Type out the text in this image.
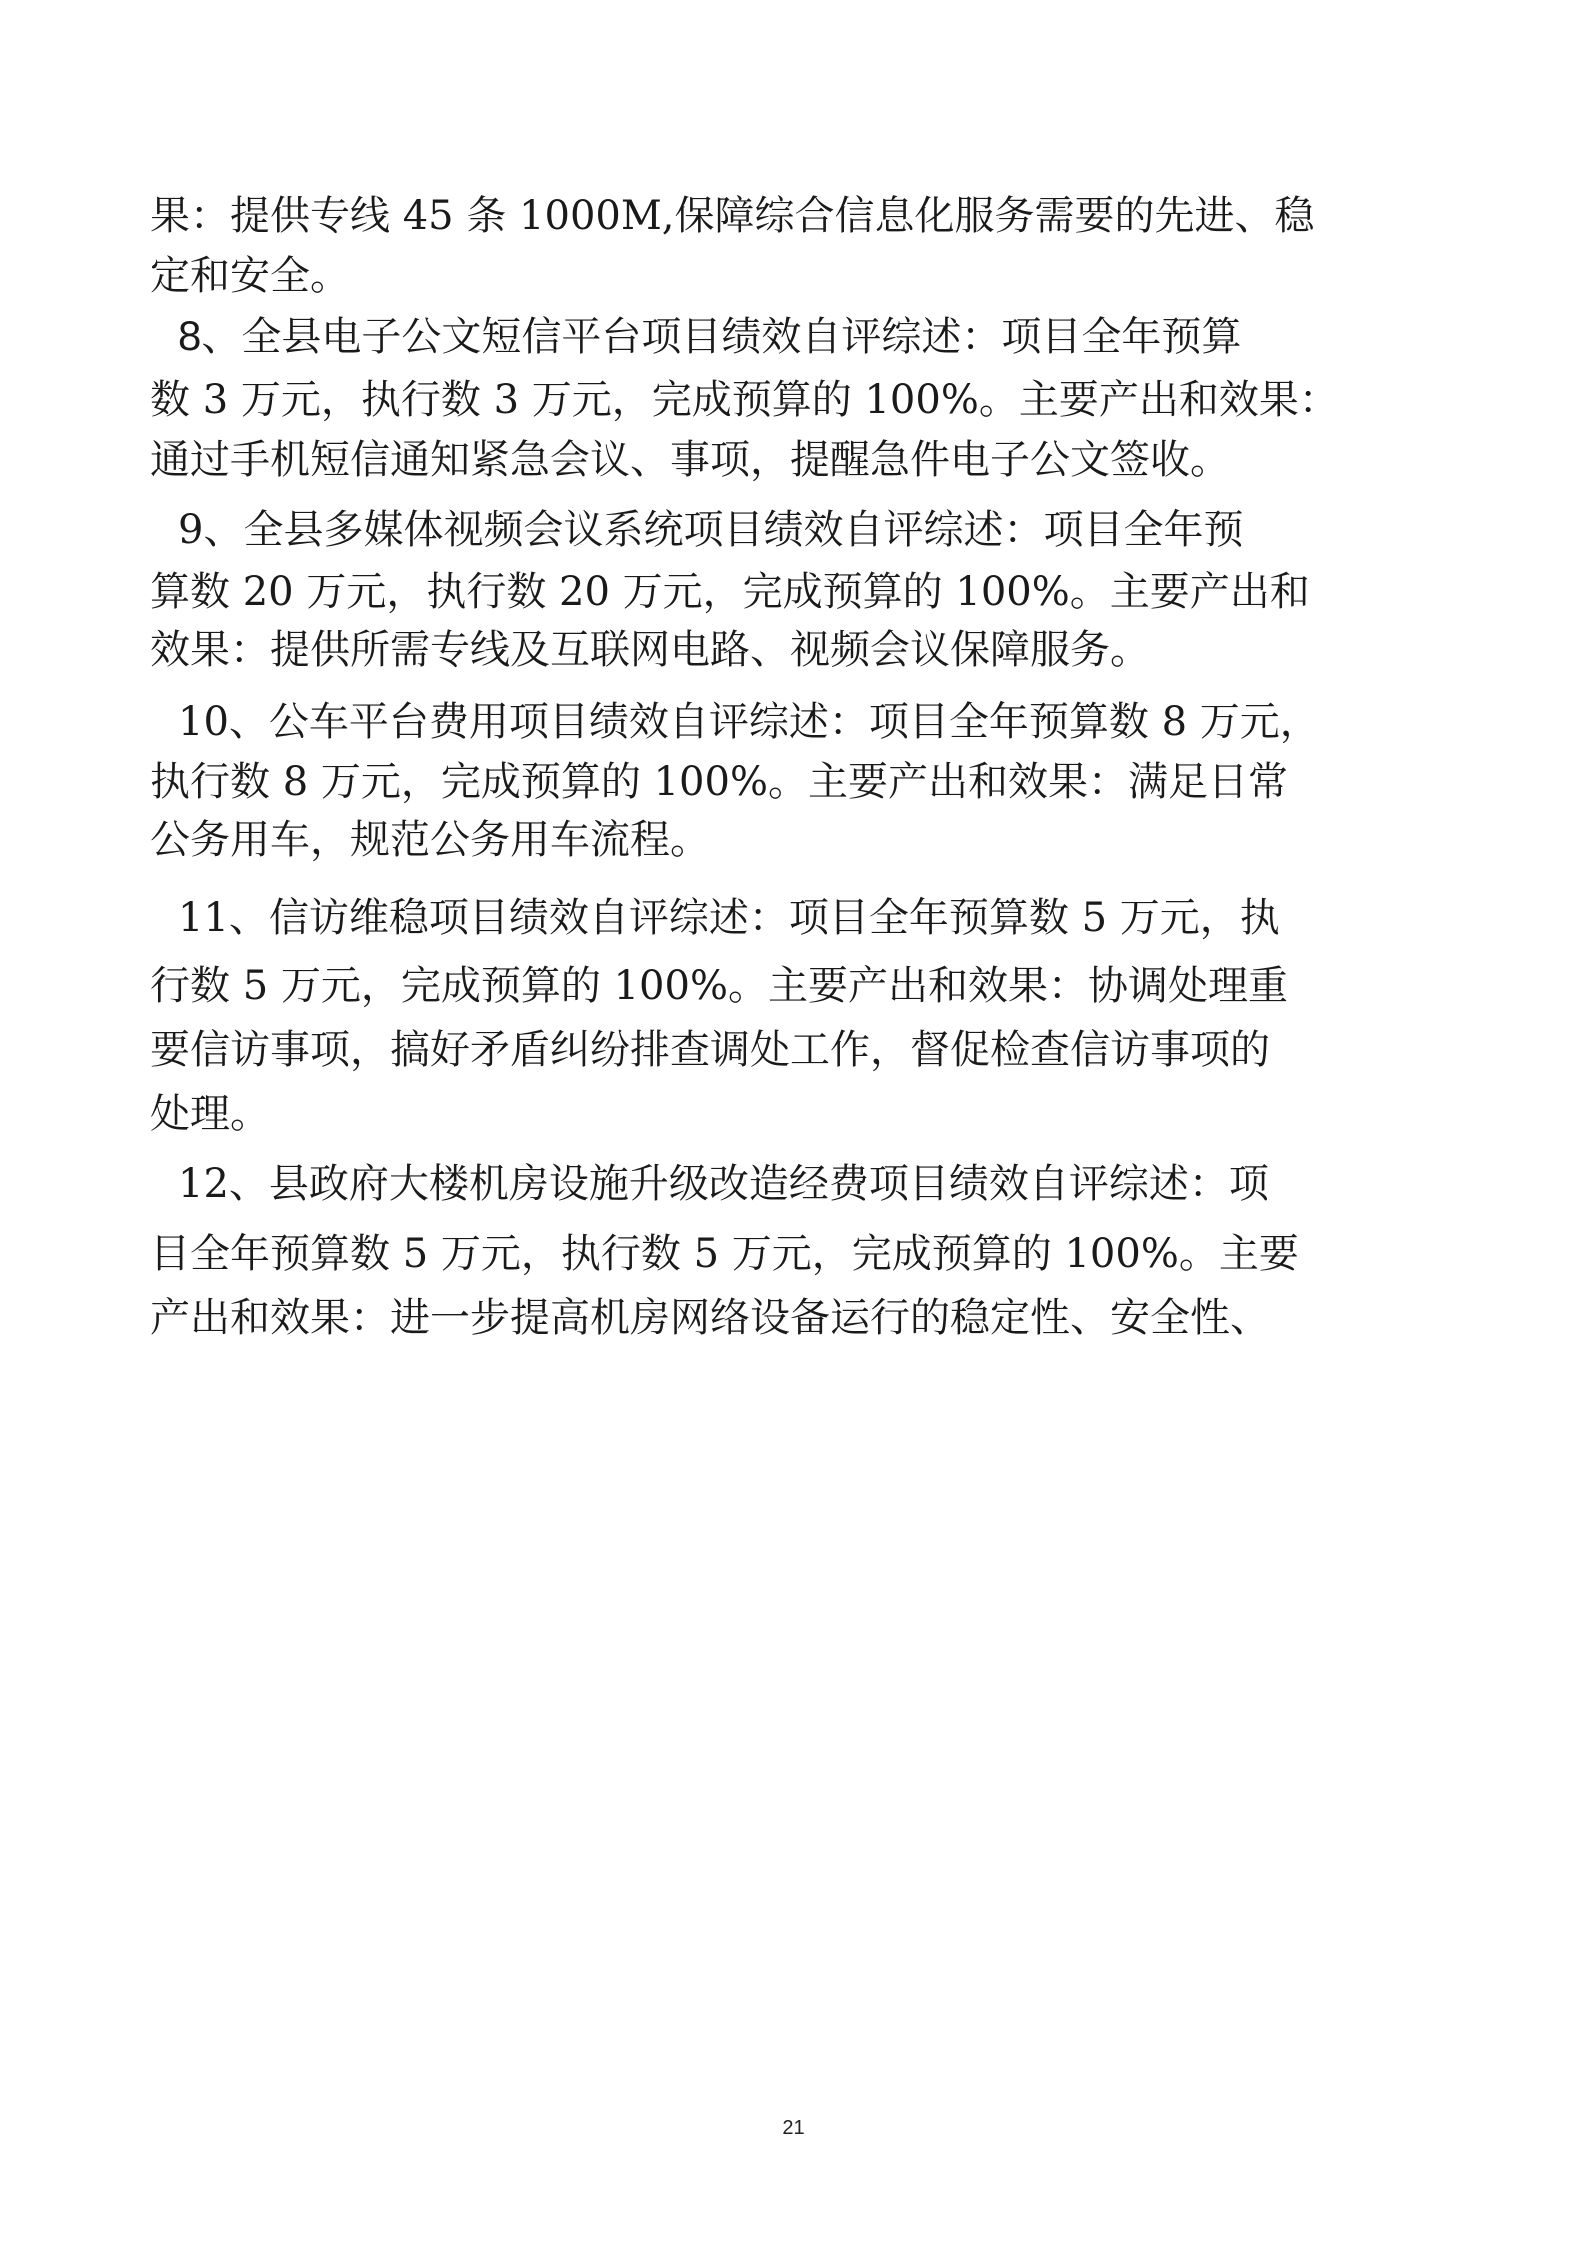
果：提供专线 45 条 1000M,保障综合信息化服务需要的先进、稳

定和安全。

8、全县电子公文短信平台项目绩效自评综述：项目全年预算

数 3 万元，执行数 3 万元，完成预算的 100%。主要产出和效果：

通过手机短信通知紧急会议、事项，提醒急件电子公文签收。

9、全县多媒体视频会议系统项目绩效自评综述：项目全年预

算数 20 万元，执行数 20 万元，完成预算的 100%。主要产出和

效果：提供所需专线及互联网电路、视频会议保障服务。

10、公车平台费用项目绩效自评综述：项目全年预算数 8 万元，

执行数 8 万元，完成预算的 100%。主要产出和效果：满足日常

公务用车，规范公务用车流程。

11、信访维稳项目绩效自评综述：项目全年预算数 5 万元，执

行数 5 万元，完成预算的 100%。主要产出和效果：协调处理重

要信访事项，搞好矛盾纠纷排查调处工作，督促检查信访事项的

处理。

12、县政府大楼机房设施升级改造经费项目绩效自评综述：项

目全年预算数 5 万元，执行数 5 万元，完成预算的 100%。主要

产出和效果：进一步提高机房网络设备运行的稳定性、安全性、

21
